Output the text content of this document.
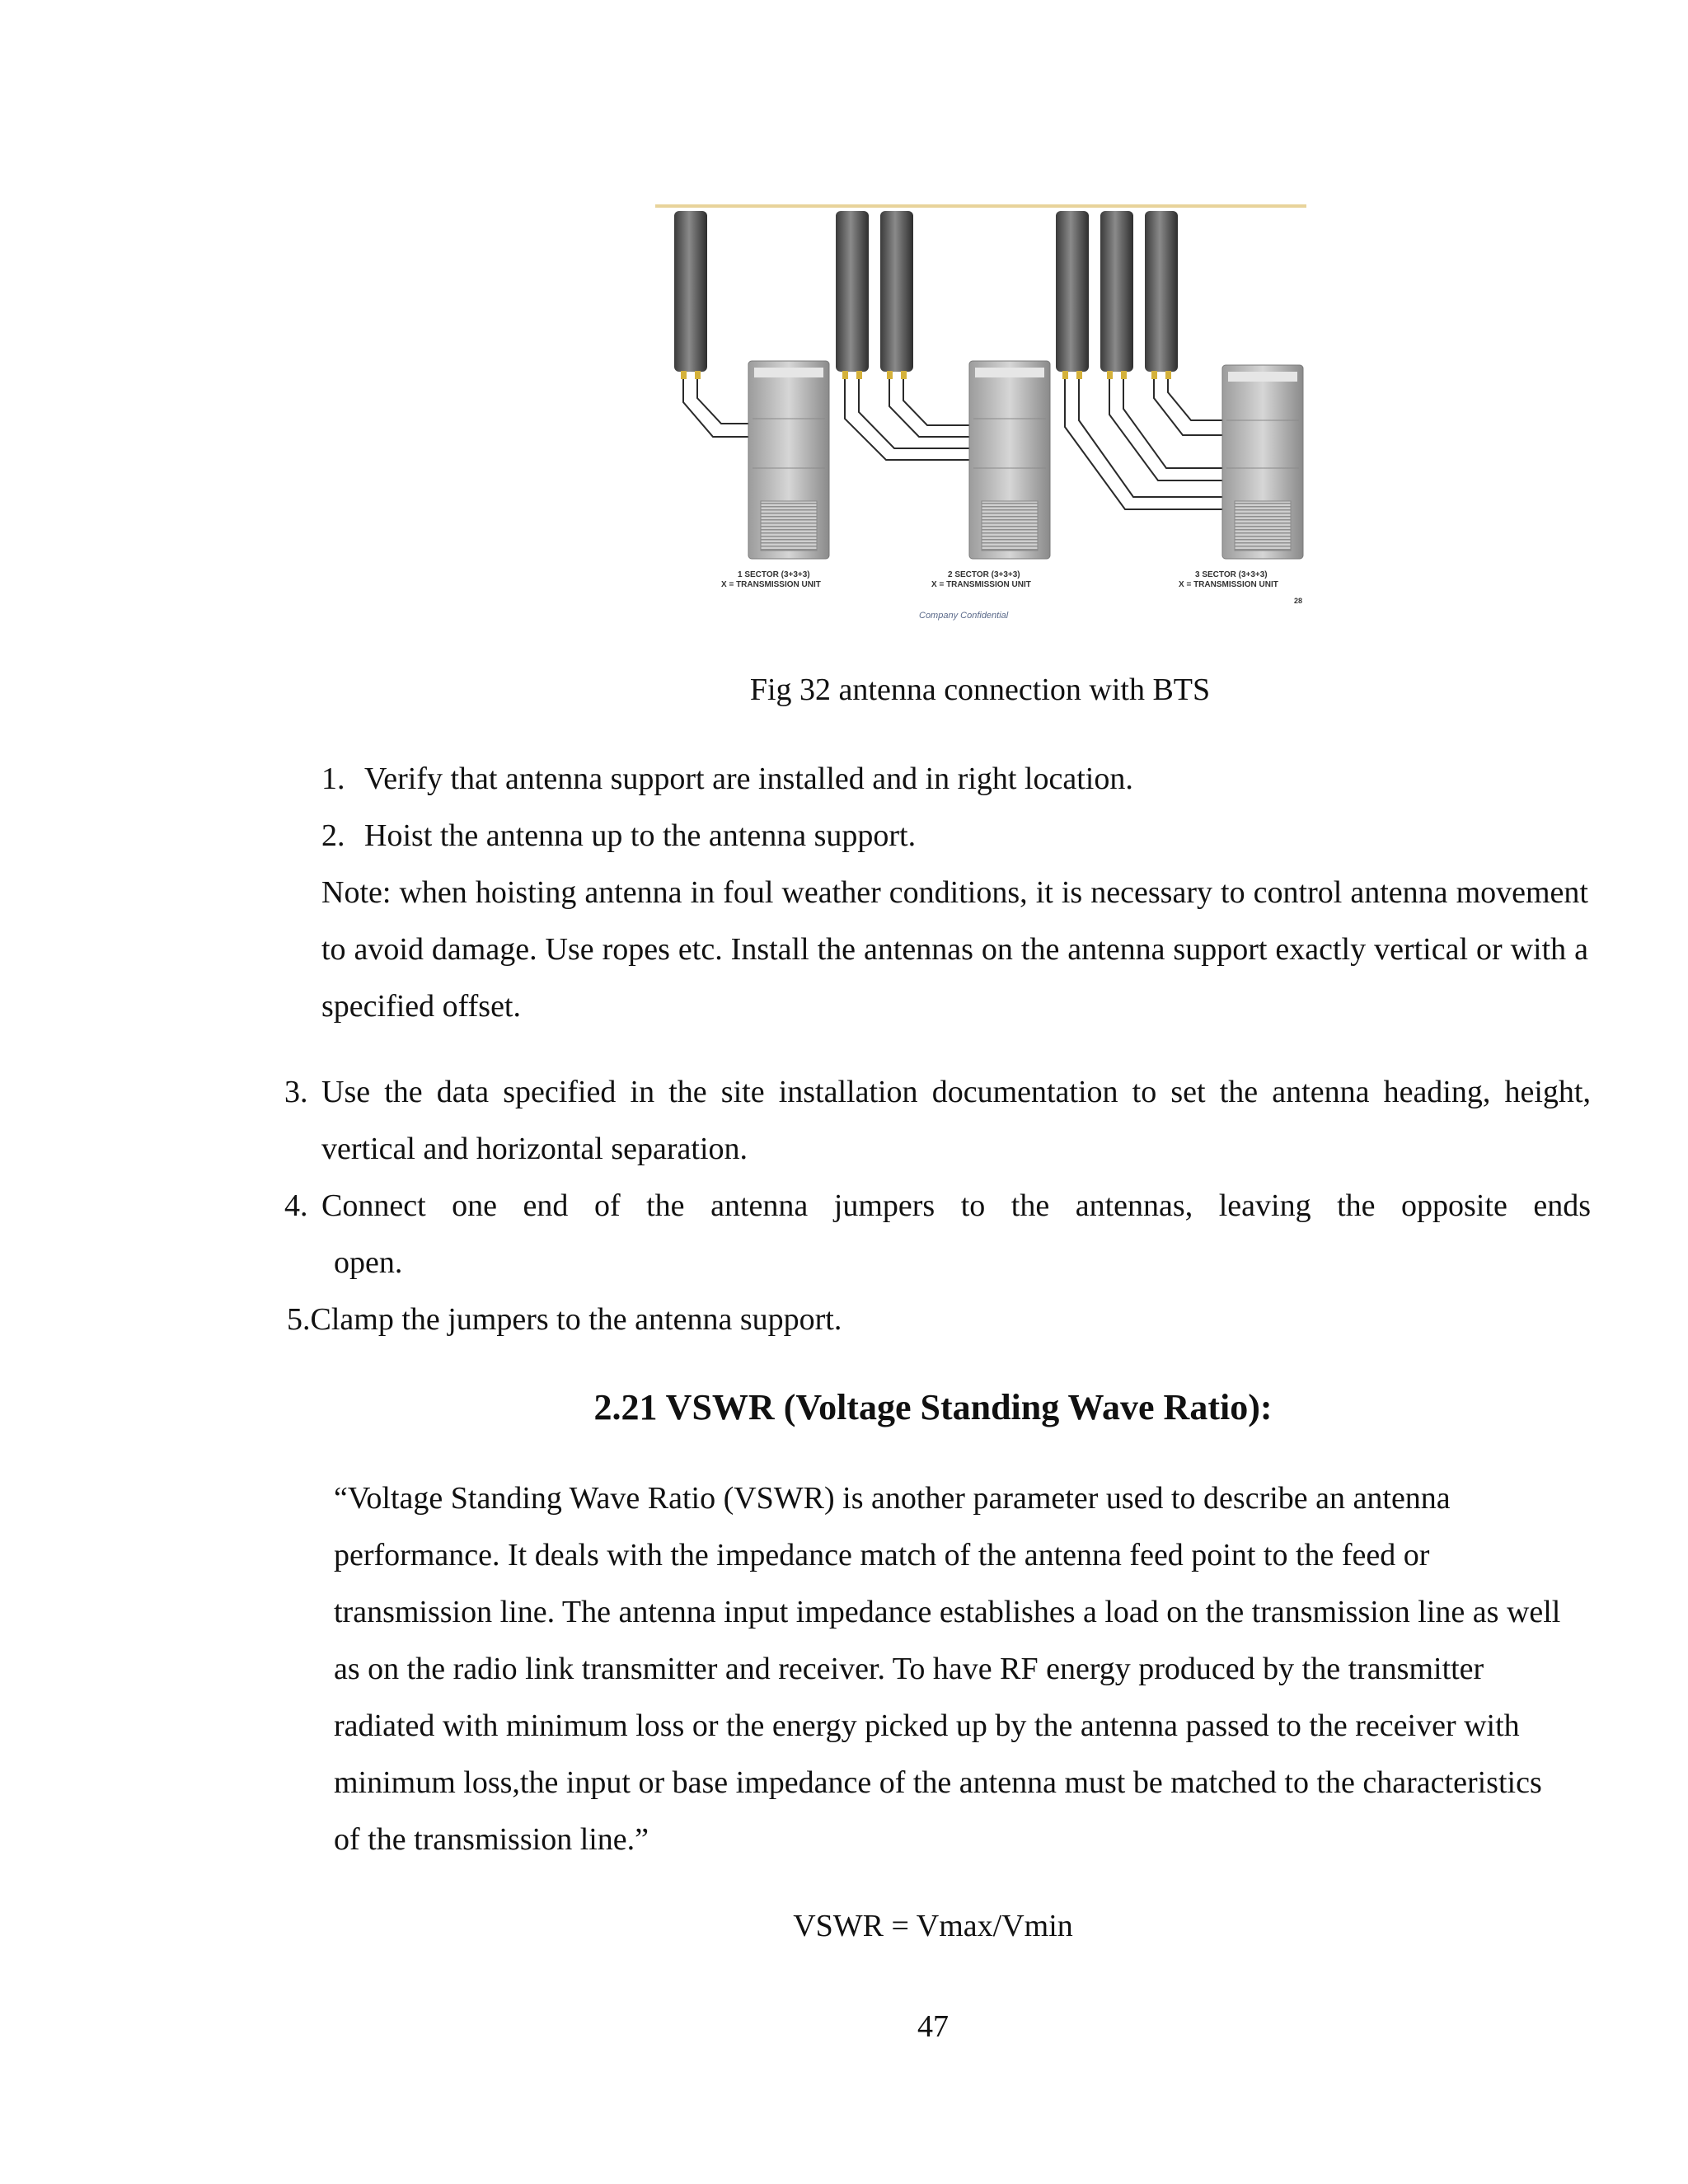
1 SECTOR (3+3+3)
X = TRANSMISSION UNIT
2 SECTOR (3+3+3)
X = TRANSMISSION UNIT
3 SECTOR (3+3+3)
X = TRANSMISSION UNIT
28
Company Confidential
Fig 32 antenna connection with BTS
1. Verify that antenna support are installed and in right location.
2. Hoist the antenna up to the antenna support.
Note: when hoisting antenna in foul weather conditions, it is necessary to control antenna movement to avoid damage. Use ropes etc. Install the antennas on the antenna support exactly vertical or with a specified offset.
3. Use the data specified in the site installation documentation to set the antenna heading, height, vertical and horizontal separation.
4. Connect one end of the antenna jumpers to the antennas, leaving the opposite ends
open.
5.Clamp the jumpers to the antenna support.
2.21 VSWR (Voltage Standing Wave Ratio):
“Voltage Standing Wave Ratio (VSWR) is another parameter used to describe an antenna performance. It deals with the impedance match of the antenna feed point to the feed or transmission line. The antenna input impedance establishes a load on the transmission line as well as on the radio link transmitter and receiver. To have RF energy produced by the transmitter radiated with minimum loss or the energy picked up by the antenna passed to the receiver with minimum loss,the input or base impedance of the antenna must be matched to the characteristics of the transmission line.”
VSWR = Vmax/Vmin
47
